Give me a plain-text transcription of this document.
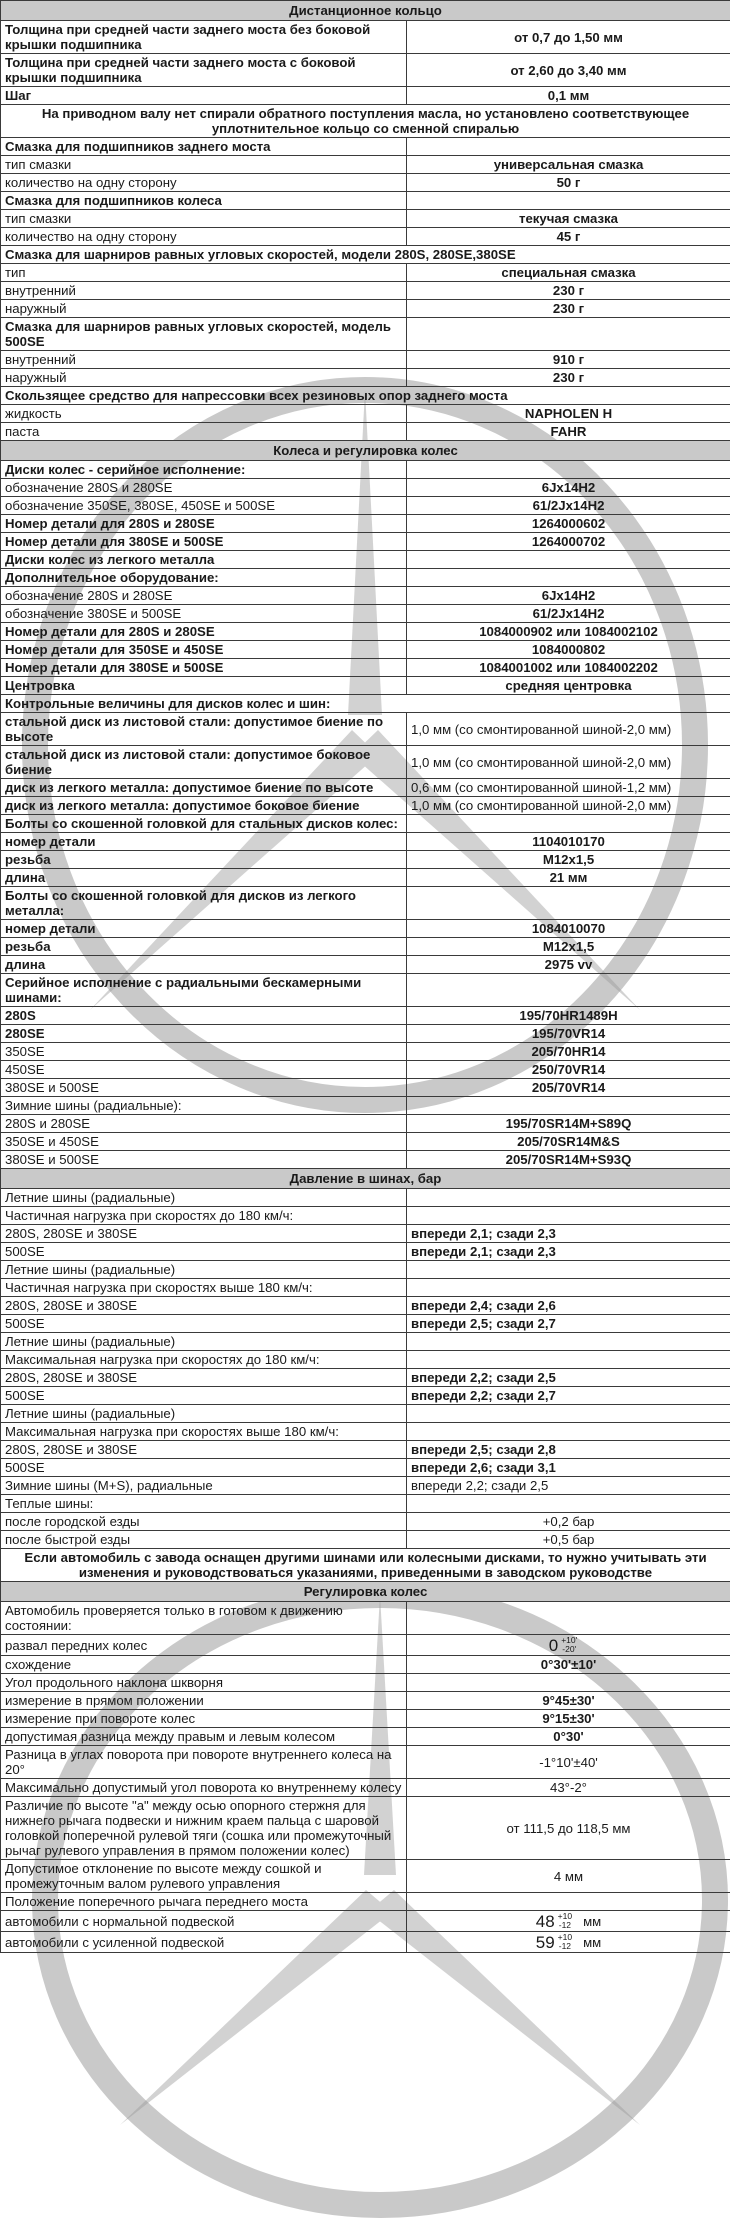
Дистанционное кольцо	
Толщина при средней части заднего моста без боковой крышки подшипника	от 0,7 до 1,50 мм
Толщина при средней части заднего моста с боковой крышки подшипника	от 2,60 до 3,40 мм
Шаг	0,1 мм
На приводном валу нет спирали обратного поступления масла, но установлено соответствующее уплотнительное кольцо со сменной спиралью	
Смазка для подшипников заднего моста	
тип смазки	универсальная смазка
количество на одну сторону	50 г
Смазка для подшипников колеса	
тип смазки	текучая смазка
количество на одну сторону	45 г
Смазка для шарниров равных угловых скоростей, модели 280S, 280SE,380SE	
тип	специальная смазка
внутренний	230 г
наружный	230 г
Смазка для шарниров равных угловых скоростей, модель 500SE	
внутренний	910 г
наружный	230 г
Скользящее средство для напрессовки всех резиновых опор заднего моста	
жидкость	NAPHOLEN H
паста	FAHR
Колеса и регулировка колес	
Диски колес - серийное исполнение:	
обозначение 280S и 280SE	6Jx14H2
обозначение 350SE, 380SE, 450SE и 500SE	61/2Jx14H2
Номер детали для 280S и 280SE	1264000602
Номер детали для 380SE и 500SE	1264000702
Диски колес из легкого металла	
Дополнительное оборудование:	
обозначение 280S и 280SE	6Jx14H2
обозначение 380SE и 500SE	61/2Jx14H2
Номер детали для 280S и 280SE	1084000902 или 1084002102
Номер детали для 350SE и 450SE	1084000802
Номер детали для 380SE и 500SE	1084001002 или 1084002202
Центровка	средняя центровка
Контрольные величины для дисков колес и шин:	
стальной диск из листовой стали: допустимое биение по высоте	1,0 мм (со смонтированной шиной-2,0 мм)
стальной диск из листовой стали: допустимое боковое биение	1,0 мм (со смонтированной шиной-2,0 мм)
диск из легкого металла: допустимое биение по высоте	0,6 мм (со смонтированной шиной-1,2 мм)
диск из легкого металла: допустимое боковое биение	1,0 мм (со смонтированной шиной-2,0 мм)
Болты со скошенной головкой для стальных дисков колес:	
номер детали	1104010170
резьба	M12x1,5
длина	21 мм
Болты со скошенной головкой для дисков из легкого металла:	
номер детали	1084010070
резьба	M12x1,5
длина	2975 vv
Серийное исполнение с радиальными бескамерными шинами:	
280S	195/70HR1489H
280SE	195/70VR14
350SE	205/70HR14
450SE	250/70VR14
380SE и 500SE	205/70VR14
Зимние шины (радиальные):	
280S и 280SE	195/70SR14M+S89Q
350SE и 450SE	205/70SR14M&S
380SE и 500SE	205/70SR14M+S93Q
Давление в шинах, бар	
Летние шины (радиальные)	
Частичная нагрузка при скоростях до 180 км/ч:	
280S, 280SE и 380SE	впереди 2,1; сзади 2,3
500SE	впереди 2,1; сзади 2,3
Летние шины (радиальные)	
Частичная нагрузка при скоростях выше 180 км/ч:	
280S, 280SE и 380SE	впереди 2,4; сзади 2,6
500SE	впереди 2,5; сзади 2,7
Летние шины (радиальные)	
Максимальная нагрузка при скоростях до 180 км/ч:	
280S, 280SE и 380SE	впереди 2,2; сзади 2,5
500SE	впереди 2,2; сзади 2,7
Летние шины (радиальные)	
Максимальная нагрузка при скоростях выше 180 км/ч:	
280S, 280SE и 380SE	впереди 2,5; сзади 2,8
500SE	впереди 2,6; сзади 3,1
Зимние шины (M+S), радиальные	впереди 2,2; сзади 2,5
Теплые шины:	
после городской езды	+0,2 бар
после быстрой езды	+0,5 бар
Если автомобиль с завода оснащен другими шинами или колесными дисками, то нужно учитывать эти изменения и руководствоваться указаниями, приведенными в заводском руководстве	
Регулировка колес	
Автомобиль проверяется только в готовом к движению состоянии:	
развал передних колес	0 +10'
-20'

схождение	0°30'±10'
Угол продольного наклона шкворня	
измерение в прямом положении	9°45±30'
измерение при повороте колес	9°15±30'
допустимая разница между правым и левым колесом	0°30'
Разница в углах поворота при повороте внутреннего колеса на 20°	-1°10'±40'
Максимально допустимый угол поворота ко внутреннему колесу	43°-2°
Различие по высоте "а" между осью опорного стержня для нижнего рычага подвески и нижним краем пальца с шаровой головкой поперечной рулевой тяги (сошка или промежуточный рычаг рулевого управления в прямом положении колес)	от 111,5 до 118,5 мм
Допустимое отклонение по высоте между сошкой и промежуточным валом рулевого управления	4 мм
Положение поперечного рычага переднего моста	
автомобили с нормальной подвеской	48 +10
-12 мм

автомобили с усиленной подвеской	59 +10
-12 мм
